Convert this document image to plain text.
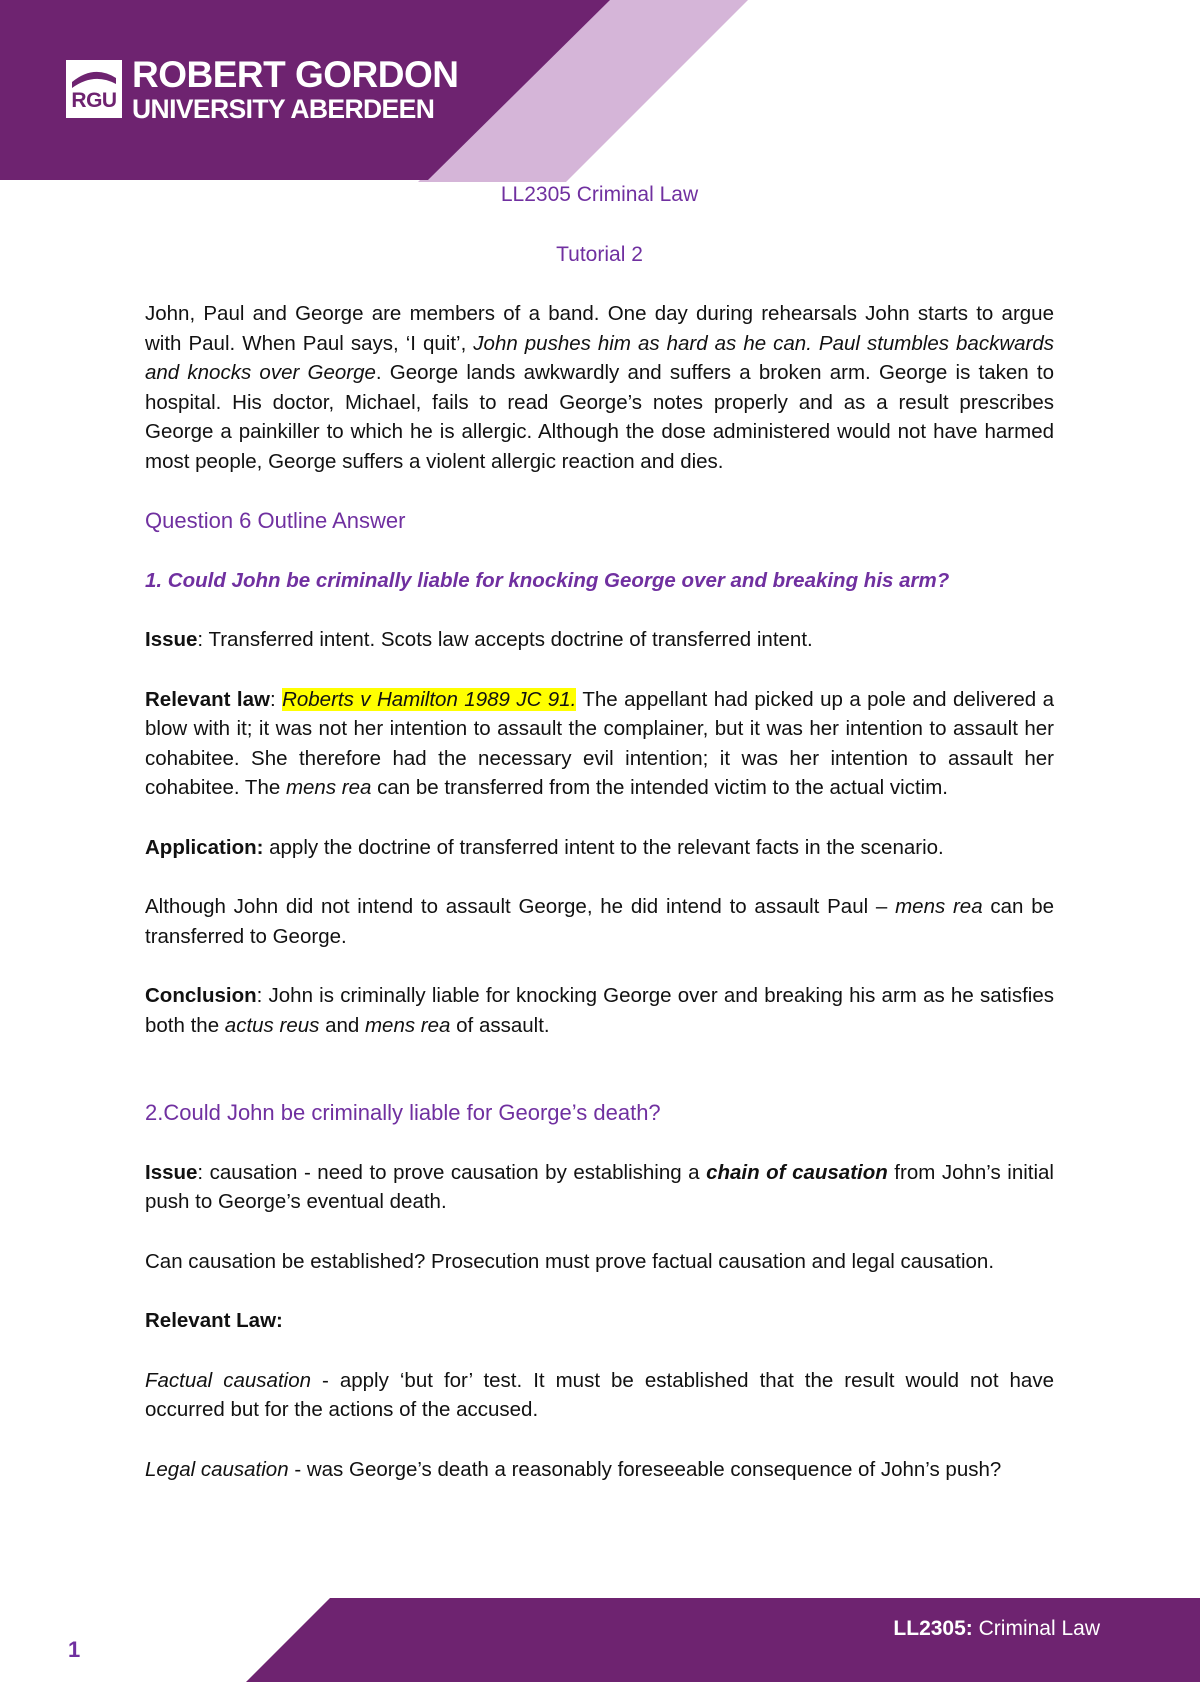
RGU
ROBERT GORDON
UNIVERSITY ABERDEEN
LL2305 Criminal Law
Tutorial 2

John, Paul and George are members of a band. One day during rehearsals John starts to argue with Paul. When Paul says, ‘I quit’, John pushes him as hard as he can. Paul stumbles backwards and knocks over George. George lands awkwardly and suffers a broken arm. George is taken to hospital. His doctor, Michael, fails to read George’s notes properly and as a result prescribes George a painkiller to which he is allergic. Although the dose administered would not have harmed most people, George suffers a violent allergic reaction and dies.

Question 6 Outline Answer

1. Could John be criminally liable for knocking George over and breaking his arm?

Issue: Transferred intent. Scots law accepts doctrine of transferred intent.

Relevant law: Roberts v Hamilton 1989 JC 91. The appellant had picked up a pole and delivered a blow with it; it was not her intention to assault the complainer, but it was her intention to assault her cohabitee. She therefore had the necessary evil intention; it was her intention to assault her cohabitee. The mens rea can be transferred from the intended victim to the actual victim.

Application: apply the doctrine of transferred intent to the relevant facts in the scenario.

Although John did not intend to assault George, he did intend to assault Paul – mens rea can be transferred to George.

Conclusion: John is criminally liable for knocking George over and breaking his arm as he satisfies both the actus reus and mens rea of assault.

2.Could John be criminally liable for George’s death?

Issue: causation - need to prove causation by establishing a chain of causation from John’s initial push to George’s eventual death.

Can causation be established? Prosecution must prove factual causation and legal causation.

Relevant Law:

Factual causation - apply ‘but for’ test. It must be established that the result would not have occurred but for the actions of the accused.

Legal causation - was George’s death a reasonably foreseeable consequence of John’s push?

1
LL2305: Criminal Law
